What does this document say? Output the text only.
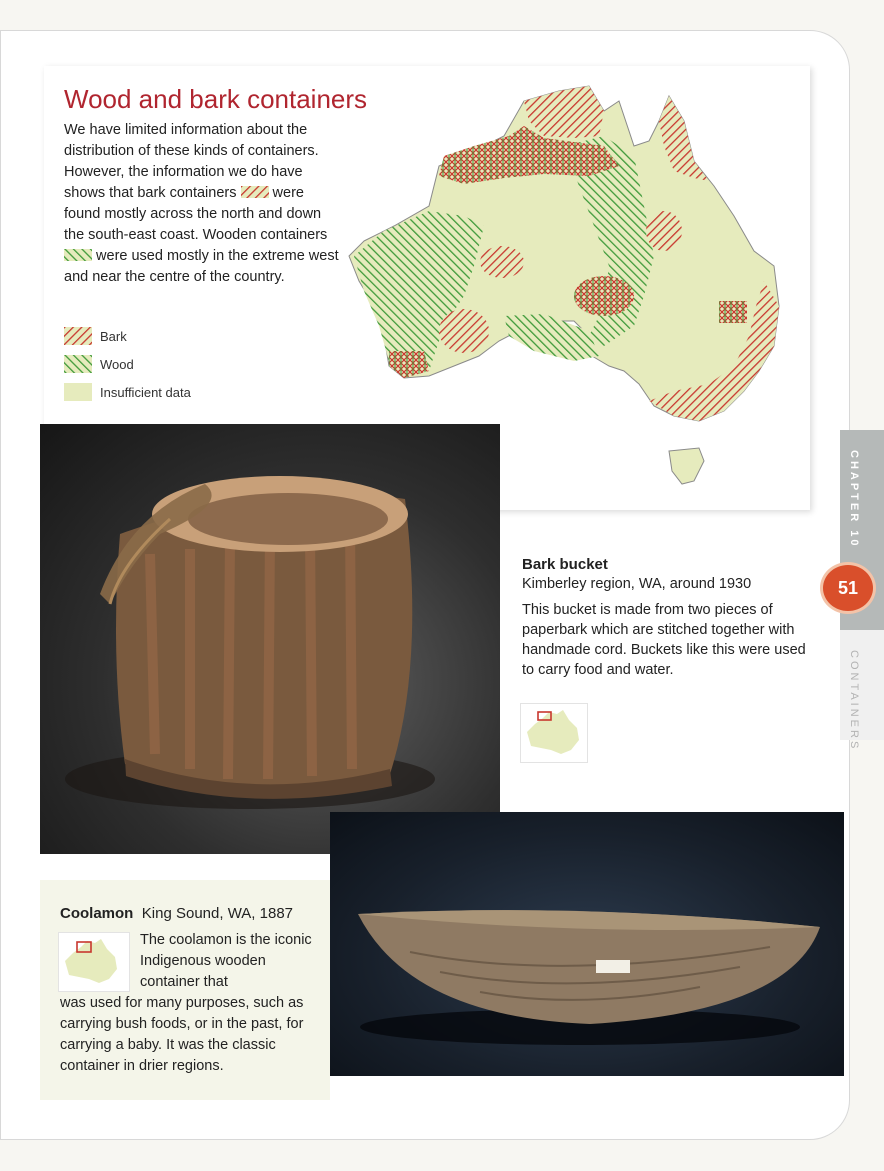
CHAPTER 10
CONTAINERS
51
Wood and bark containers
We have limited information about the distribution of these kinds of containers. However, the information we do have shows that bark containers were found mostly across the north and down the south-east coast. Wooden containers  were used mostly in the extreme west and near the centre of the country.
Bark
Wood
Insufficient data
Bark bucket
Kimberley region, WA, around 1930
This bucket is made from two pieces of paperbark which are stitched together with handmade cord. Buckets like this were used to carry food and water.
Coolamon King Sound, WA, 1887
The coolamon is the iconic Indigenous wooden container that
was used for many purposes, such as carrying bush foods, or in the past, for carrying a baby. It was the classic container in drier regions.
